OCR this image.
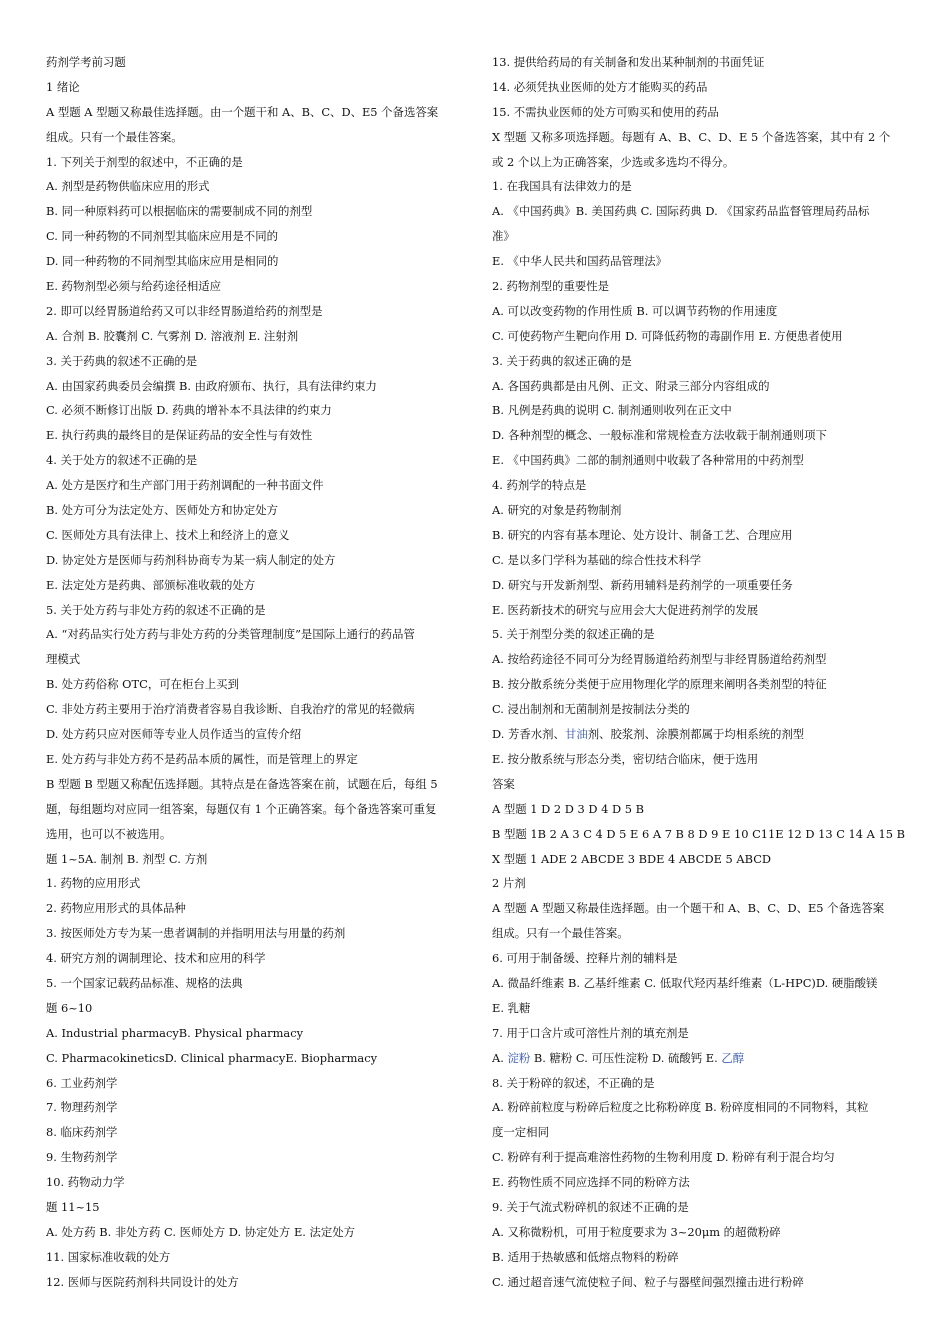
药剂学考前习题
1 绪论
A 型题 A 型题又称最佳选择题。由一个题干和 A、B、C、D、E5 个备选答案
组成。只有一个最佳答案。
1. 下列关于剂型的叙述中，不正确的是
A. 剂型是药物供临床应用的形式
B. 同一种原料药可以根据临床的需要制成不同的剂型
C. 同一种药物的不同剂型其临床应用是不同的
D. 同一种药物的不同剂型其临床应用是相同的
E. 药物剂型必须与给药途径相适应
2. 即可以经胃肠道给药又可以非经胃肠道给药的剂型是
A. 合剂 B. 胶囊剂 C. 气雾剂 D. 溶液剂 E. 注射剂
3. 关于药典的叙述不正确的是
A. 由国家药典委员会编撰 B. 由政府颁布、执行，具有法律约束力
C. 必须不断修订出版 D. 药典的增补本不具法律的约束力
E. 执行药典的最终目的是保证药品的安全性与有效性
4. 关于处方的叙述不正确的是
A. 处方是医疗和生产部门用于药剂调配的一种书面文件
B. 处方可分为法定处方、医师处方和协定处方
C. 医师处方具有法律上、技术上和经济上的意义
D. 协定处方是医师与药剂科协商专为某一病人制定的处方
E. 法定处方是药典、部颁标准收载的处方
5. 关于处方药与非处方药的叙述不正确的是
A. “对药品实行处方药与非处方药的分类管理制度”是国际上通行的药品管
理模式
B. 处方药俗称 OTC，可在柜台上买到
C. 非处方药主要用于治疗消费者容易自我诊断、自我治疗的常见的轻微病
D. 处方药只应对医师等专业人员作适当的宣传介绍
E. 处方药与非处方药不是药品本质的属性，而是管理上的界定
B 型题 B 型题又称配伍选择题。其特点是在备选答案在前，试题在后，每组 5
题，每组题均对应同一组答案，每题仅有 1 个正确答案。每个备选答案可重复
选用，也可以不被选用。
题 1~5A. 制剂 B. 剂型 C. 方剂
1. 药物的应用形式
2. 药物应用形式的具体品种
3. 按医师处方专为某一患者调制的并指明用法与用量的药剂
4. 研究方剂的调制理论、技术和应用的科学
5. 一个国家记载药品标准、规格的法典
题 6~10
A. Industrial pharmacyB. Physical pharmacy
C. PharmacokineticsD. Clinical pharmacyE. Biopharmacy
6. 工业药剂学
7. 物理药剂学
8. 临床药剂学
9. 生物药剂学
10. 药物动力学
题 11~15
A. 处方药 B. 非处方药 C. 医师处方 D. 协定处方 E. 法定处方
11. 国家标准收载的处方
12. 医师与医院药剂科共同设计的处方
13. 提供给药局的有关制备和发出某种制剂的书面凭证
14. 必须凭执业医师的处方才能购买的药品
15. 不需执业医师的处方可购买和使用的药品
X 型题 又称多项选择题。每题有 A、B、C、D、E 5 个备选答案，其中有 2 个
或 2 个以上为正确答案，少选或多选均不得分。
1. 在我国具有法律效力的是
A. 《中国药典》B. 美国药典 C. 国际药典 D. 《国家药品监督管理局药品标
准》
E. 《中华人民共和国药品管理法》
2. 药物剂型的重要性是
A. 可以改变药物的作用性质 B. 可以调节药物的作用速度
C. 可使药物产生靶向作用 D. 可降低药物的毒副作用 E. 方便患者使用
3. 关于药典的叙述正确的是
A. 各国药典都是由凡例、正文、附录三部分内容组成的
B. 凡例是药典的说明 C. 制剂通则收列在正文中
D. 各种剂型的概念、一般标准和常规检查方法收载于制剂通则项下
E. 《中国药典》二部的制剂通则中收载了各种常用的中药剂型
4. 药剂学的特点是
A. 研究的对象是药物制剂
B. 研究的内容有基本理论、处方设计、制备工艺、合理应用
C. 是以多门学科为基础的综合性技术科学
D. 研究与开发新剂型、新药用辅料是药剂学的一项重要任务
E. 医药新技术的研究与应用会大大促进药剂学的发展
5. 关于剂型分类的叙述正确的是
A. 按给药途径不同可分为经胃肠道给药剂型与非经胃肠道给药剂型
B. 按分散系统分类便于应用物理化学的原理来阐明各类剂型的特征
C. 浸出制剂和无菌制剂是按制法分类的
D. 芳香水剂、甘油剂、胶浆剂、涂膜剂都属于均相系统的剂型
E. 按分散系统与形态分类，密切结合临床，便于选用
答案
A 型题 1 D 2 D 3 D 4 D 5 B
B 型题 1B 2 A 3 C 4 D 5 E 6 A 7 B 8 D 9 E 10 C11E 12 D 13 C 14 A 15 B
X 型题 1 ADE 2 ABCDE 3 BDE 4 ABCDE 5 ABCD
2 片剂
A 型题 A 型题又称最佳选择题。由一个题干和 A、B、C、D、E5 个备选答案
组成。只有一个最佳答案。
6. 可用于制备缓、控释片剂的辅料是
A. 微晶纤维素 B. 乙基纤维素 C. 低取代羟丙基纤维素（L-HPC)D. 硬脂酸镁
E. 乳糖
7. 用于口含片或可溶性片剂的填充剂是
A. 淀粉 B. 糖粉 C. 可压性淀粉 D. 硫酸钙 E. 乙醇
8. 关于粉碎的叙述，不正确的是
A. 粉碎前粒度与粉碎后粒度之比称粉碎度 B. 粉碎度相同的不同物料，其粒
度一定相同
C. 粉碎有利于提高难溶性药物的生物利用度 D. 粉碎有利于混合均匀
E. 药物性质不同应选择不同的粉碎方法
9. 关于气流式粉碎机的叙述不正确的是
A. 又称微粉机，可用于粒度要求为 3~20μm 的超微粉碎
B. 适用于热敏感和低熔点物料的粉碎
C. 通过超音速气流使粒子间、粒子与器壁间强烈撞击进行粉碎
